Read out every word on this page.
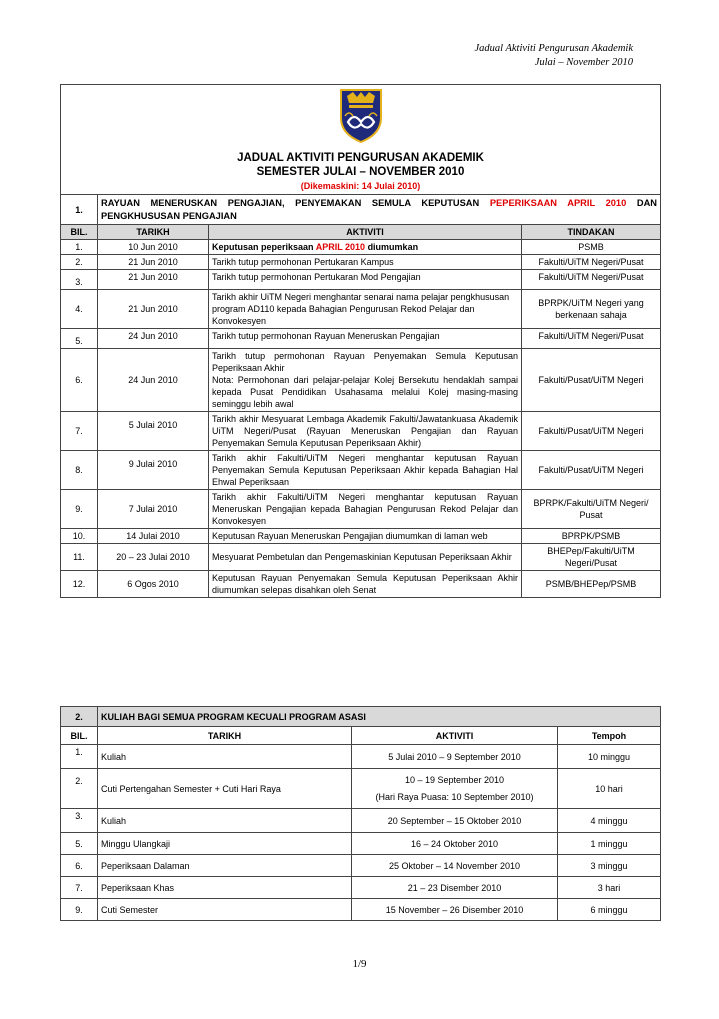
Jadual Aktiviti Pengurusan Akademik
Julai – November 2010

JADUAL AKTIVITI PENGURUSAN AKADEMIK
SEMESTER JULAI – NOVEMBER 2010
(Dikemaskini: 14 Julai 2010)			

1.	RAYUAN MENERUSKAN PENGAJIAN, PENYEMAKAN SEMULA KEPUTUSAN PEPERIKSAAN APRIL 2010 DAN PENGKHUSUSAN PENGAJIAN		
BIL.	TARIKH	AKTIVITI	TINDAKAN
1.	10 Jun 2010	Keputusan peperiksaan APRIL 2010 diumumkan	PSMB
2.	21 Jun 2010	Tarikh tutup permohonan Pertukaran Kampus	Fakulti/UiTM Negeri/Pusat
3.	21 Jun 2010	Tarikh tutup permohonan Pertukaran Mod Pengajian	Fakulti/UiTM Negeri/Pusat
4.	21 Jun 2010	Tarikh akhir UiTM Negeri menghantar senarai nama pelajar pengkhususan program AD110 kepada Bahagian Pengurusan Rekod Pelajar dan Konvokesyen	BPRPK/UiTM Negeri yang berkenaan sahaja
5.	24 Jun 2010	Tarikh tutup permohonan Rayuan Meneruskan Pengajian	Fakulti/UiTM Negeri/Pusat
6.	24 Jun 2010	Tarikh tutup permohonan Rayuan Penyemakan Semula Keputusan Peperiksaan Akhir
Nota: Permohonan dari pelajar-pelajar Kolej Bersekutu hendaklah sampai kepada Pusat Pendidikan Usahasama melalui Kolej masing-masing seminggu lebih awal	Fakulti/Pusat/UiTM Negeri
7.	5 Julai 2010	Tarikh akhir Mesyuarat Lembaga Akademik Fakulti/Jawatankuasa Akademik UiTM Negeri/Pusat (Rayuan Meneruskan Pengajian dan Rayuan Penyemakan Semula Keputusan Peperiksaan Akhir)	Fakulti/Pusat/UiTM Negeri
8.	9 Julai 2010	Tarikh akhir Fakulti/UiTM Negeri menghantar keputusan Rayuan Penyemakan Semula Keputusan Peperiksaan Akhir kepada Bahagian Hal Ehwal Peperiksaan	Fakulti/Pusat/UiTM Negeri
9.	7 Julai 2010	Tarikh akhir Fakulti/UiTM Negeri menghantar keputusan Rayuan Meneruskan Pengajian kepada Bahagian Pengurusan Rekod Pelajar dan Konvokesyen	BPRPK/Fakulti/UiTM Negeri/ Pusat
10.	14 Julai 2010	Keputusan Rayuan Meneruskan Pengajian diumumkan di laman web	BPRPK/PSMB
11.	20 – 23 Julai 2010	Mesyuarat Pembetulan dan Pengemaskinian Keputusan Peperiksaan Akhir	BHEPep/Fakulti/UiTM Negeri/Pusat
12.	6 Ogos 2010	Keputusan Rayuan Penyemakan Semula Keputusan Peperiksaan Akhir diumumkan selepas disahkan oleh Senat	PSMB/BHEPep/PSMB
2.	KULIAH BAGI SEMUA PROGRAM KECUALI PROGRAM ASASI		
BIL.	TARIKH	AKTIVITI	Tempoh
1.	Kuliah	5 Julai 2010 – 9 September 2010	10 minggu
2.	Cuti Pertengahan Semester + Cuti Hari Raya	10 – 19 September 2010
(Hari Raya Puasa: 10 September 2010)	10 hari
3.	Kuliah	20 September – 15 Oktober 2010	4 minggu
5.	Minggu Ulangkaji	16 – 24 Oktober 2010	1 minggu
6.	Peperiksaan Dalaman	25 Oktober – 14 November 2010	3 minggu
7.	Peperiksaan Khas	21 – 23 Disember 2010	3 hari
9.	Cuti Semester	15 November – 26 Disember 2010	6 minggu
1/9
